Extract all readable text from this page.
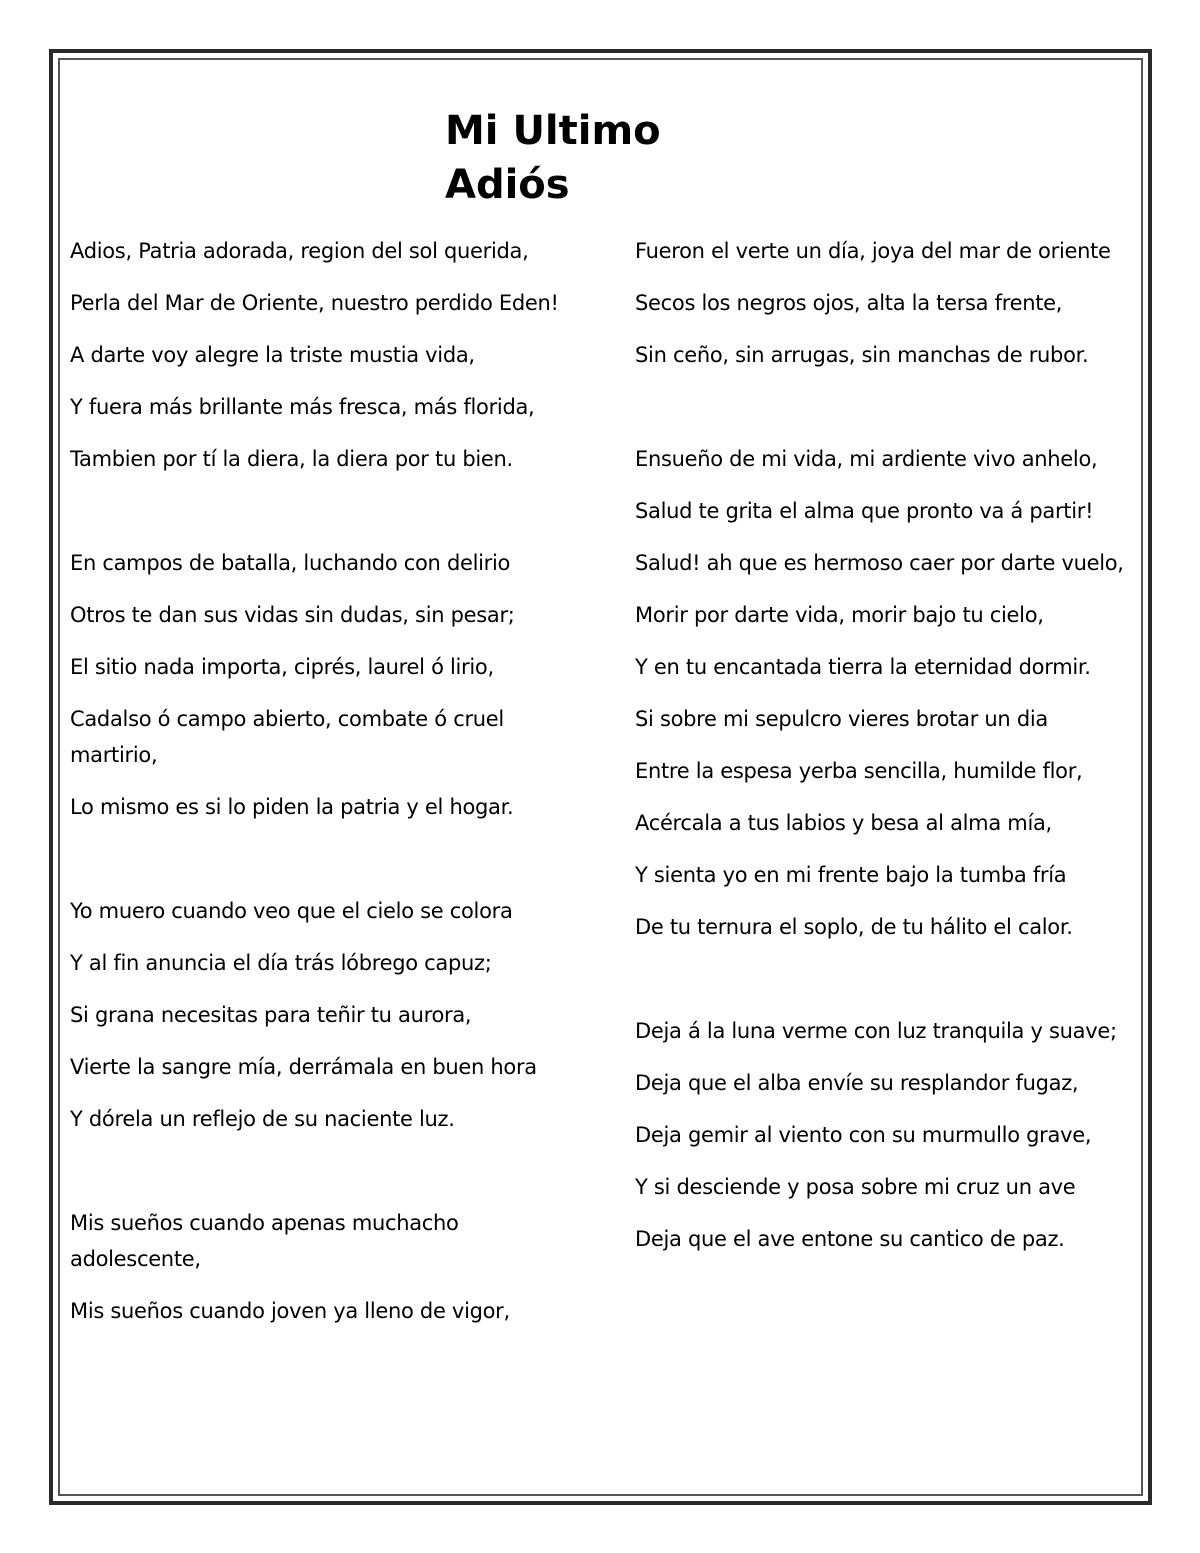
Mi Ultimo
Adiós

Adios, Patria adorada, region del sol querida,

Perla del Mar de Oriente, nuestro perdido Eden!

A darte voy alegre la triste mustia vida,

Y fuera más brillante más fresca, más florida,

Tambien por tí la diera, la diera por tu bien.

En campos de batalla, luchando con delirio

Otros te dan sus vidas sin dudas, sin pesar;

El sitio nada importa, ciprés, laurel ó lirio,

Cadalso ó campo abierto, combate ó cruel martirio,

Lo mismo es si lo piden la patria y el hogar.

Yo muero cuando veo que el cielo se colora

Y al fin anuncia el día trás lóbrego capuz;

Si grana necesitas para teñir tu aurora,

Vierte la sangre mía, derrámala en buen hora

Y dórela un reflejo de su naciente luz.

Mis sueños cuando apenas muchacho adolescente,

Mis sueños cuando joven ya lleno de vigor,

Fueron el verte un día, joya del mar de oriente

Secos los negros ojos, alta la tersa frente,

Sin ceño, sin arrugas, sin manchas de rubor.

Ensueño de mi vida, mi ardiente vivo anhelo,

Salud te grita el alma que pronto va á partir!

Salud! ah que es hermoso caer por darte vuelo,

Morir por darte vida, morir bajo tu cielo,

Y en tu encantada tierra la eternidad dormir.

Si sobre mi sepulcro vieres brotar un dia

Entre la espesa yerba sencilla, humilde flor,

Acércala a tus labios y besa al alma mía,

Y sienta yo en mi frente bajo la tumba fría

De tu ternura el soplo, de tu hálito el calor.

Deja á la luna verme con luz tranquila y suave;

Deja que el alba envíe su resplandor fugaz,

Deja gemir al viento con su murmullo grave,

Y si desciende y posa sobre mi cruz un ave

Deja que el ave entone su cantico de paz.
